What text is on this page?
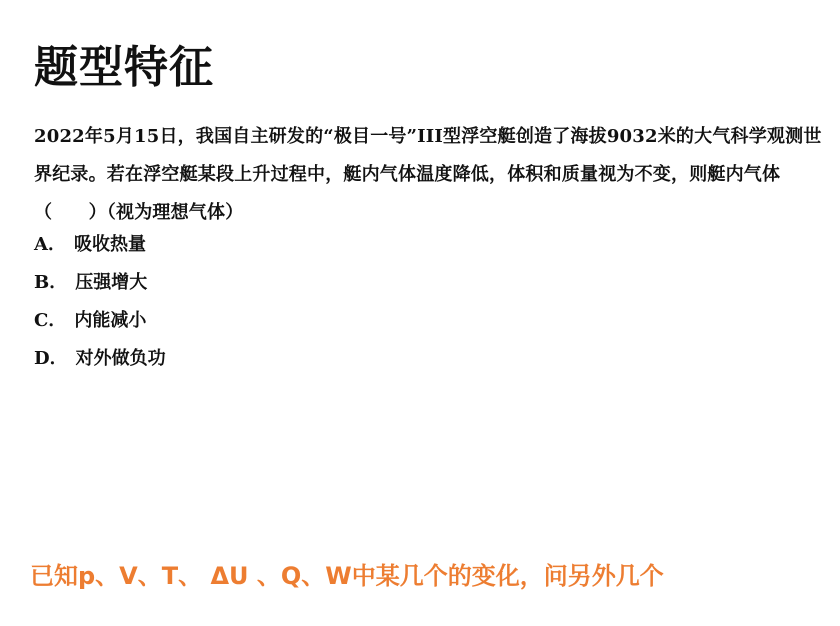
题型特征

2022年5月15日，我国自主研发的“极目一号”III型浮空艇创造了海拔9032米的大气科学观测世界纪录。若在浮空艇某段上升过程中，艇内气体温度降低，体积和质量视为不变，则艇内气体（　　）（视为理想气体）

A． 吸收热量
B． 压强增大
C． 内能减小
D． 对外做负功
已知p、V、T、 ΔU 、Q、W中某几个的变化，问另外几个
